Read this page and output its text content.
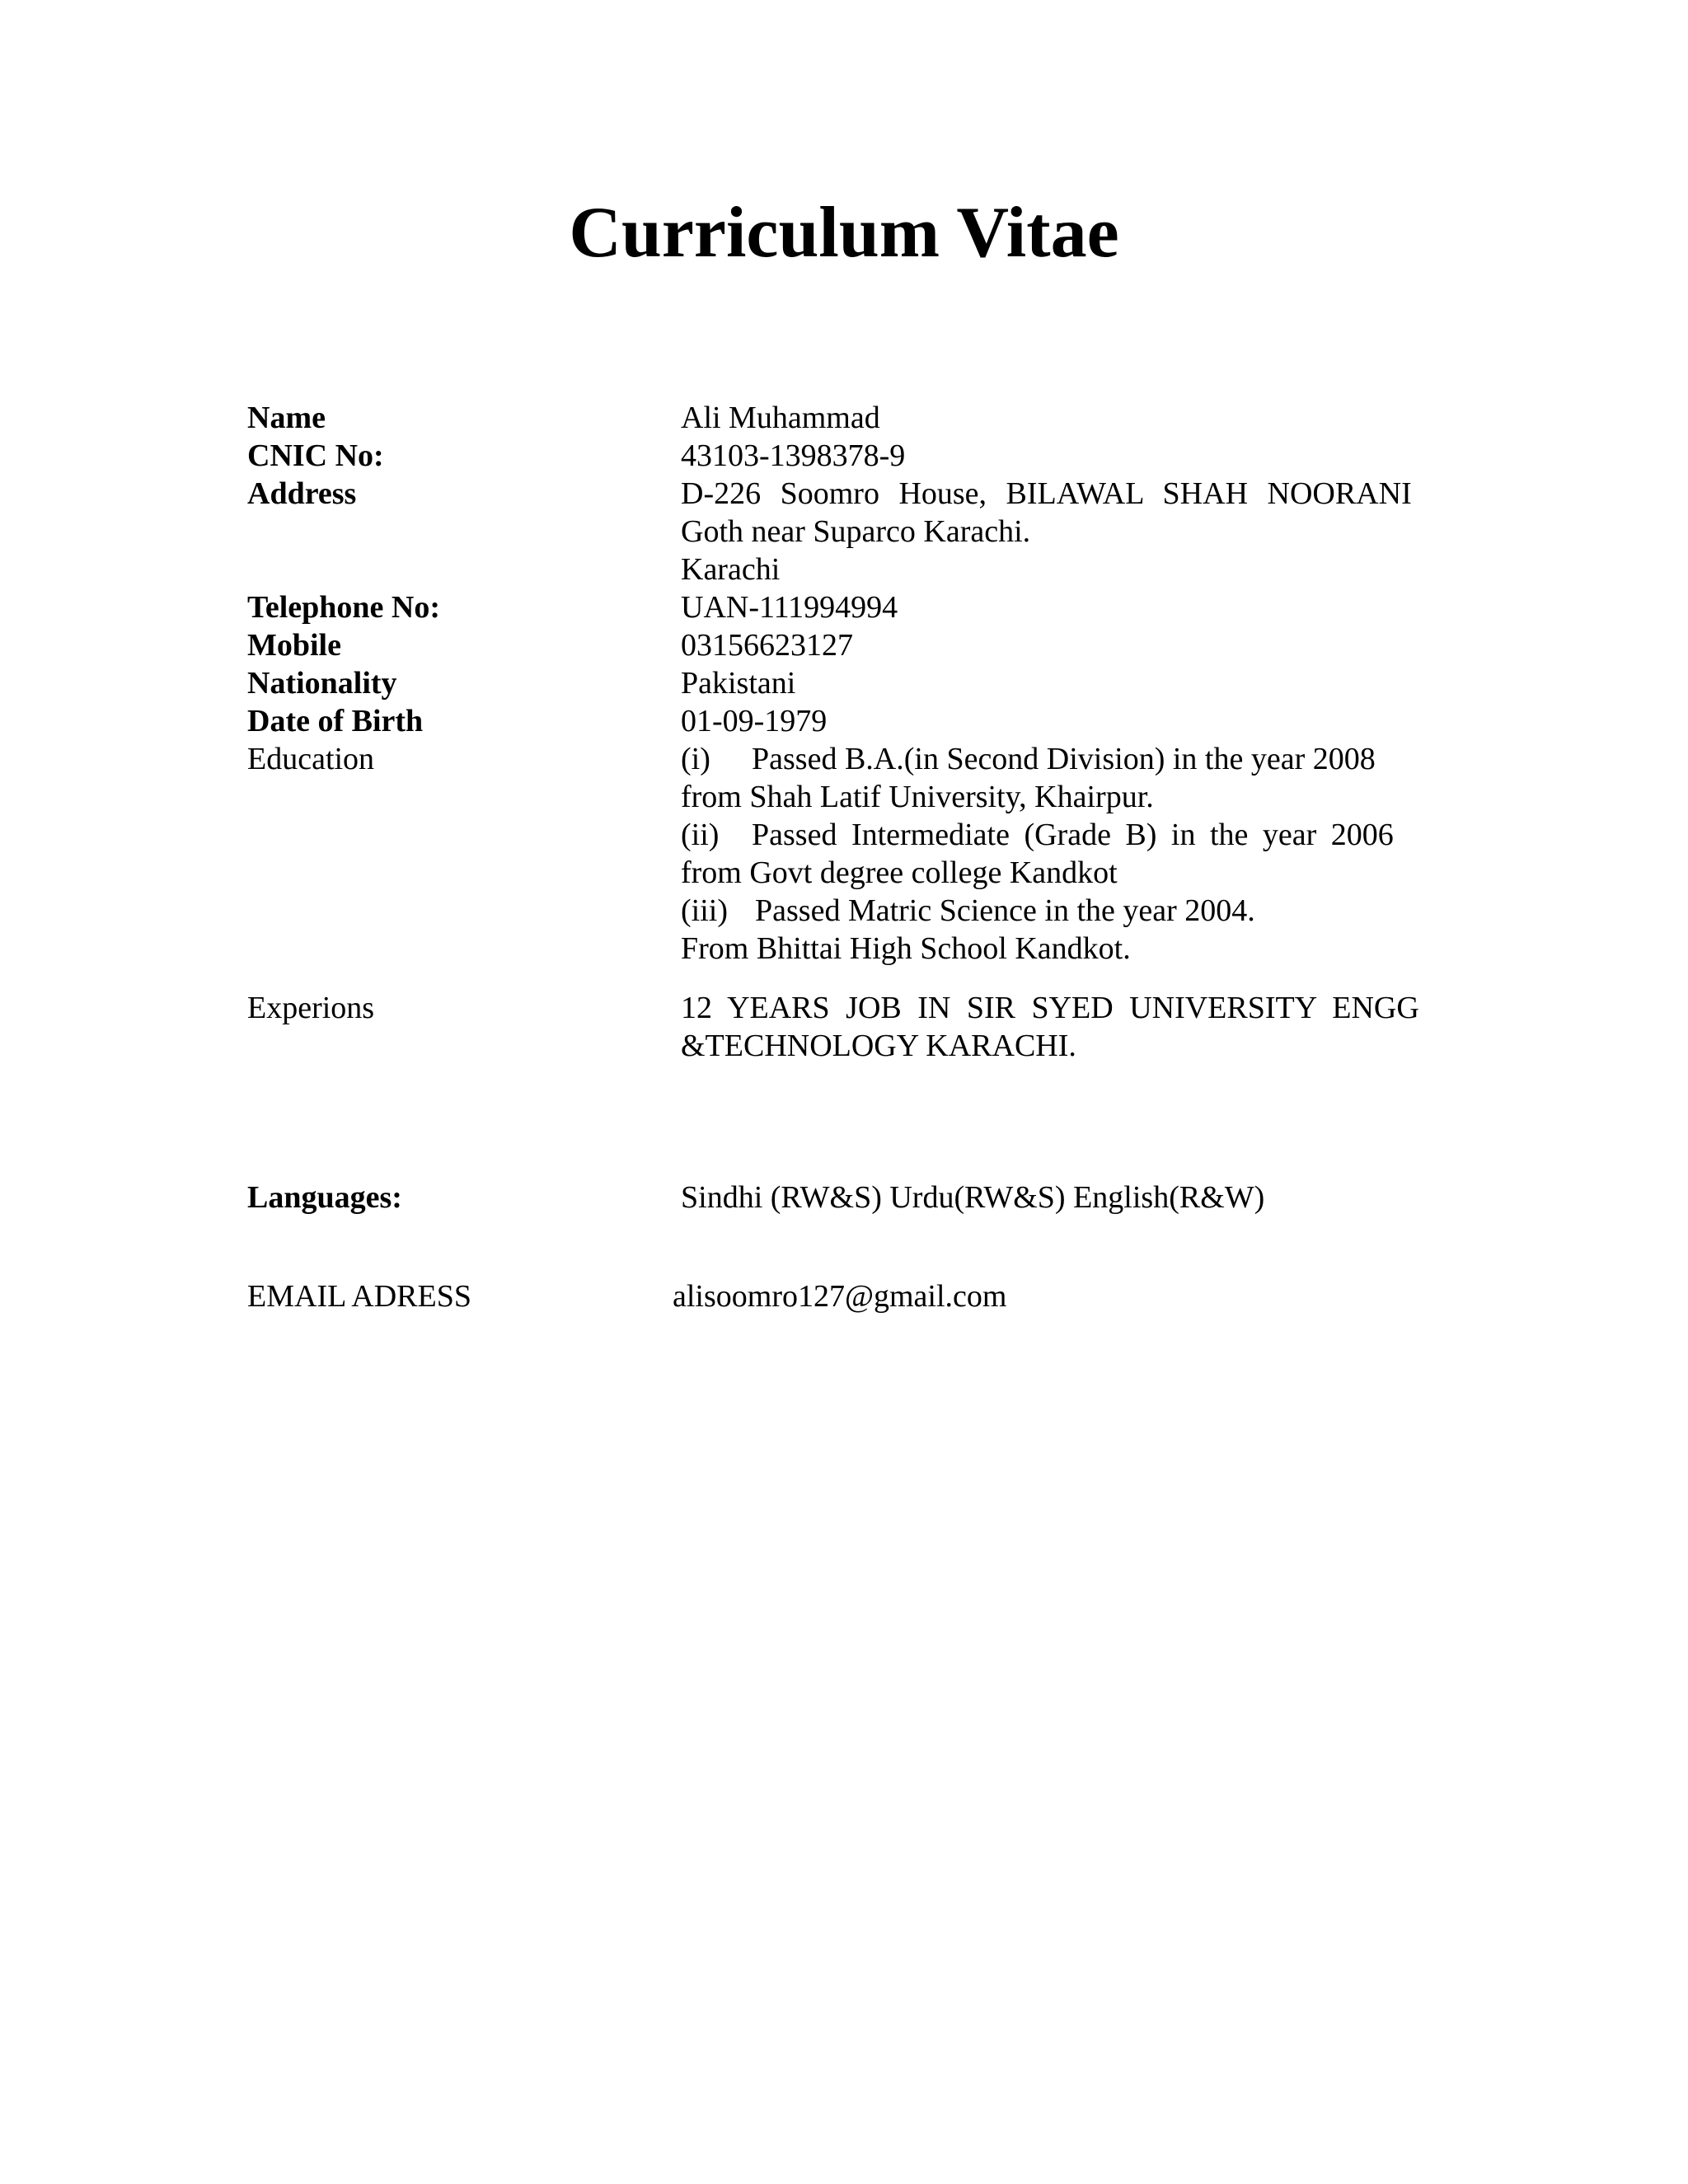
Curriculum Vitae
Name	Ali Muhammad
CNIC No:	43103-1398378-9
Address	D-226 Soomro House, BILAWAL SHAH NOORANI
Goth near Suparco Karachi.
Karachi
Telephone No:	UAN-111994994
Mobile	03156623127
Nationality	Pakistani
Date of Birth	01-09-1979
Education	(i) Passed B.A.(in Second Division) in the year 2008
from Shah Latif University, Khairpur.
(ii) Passed Intermediate (Grade B) in the year 2006
from Govt degree college Kandkot
(iii) Passed Matric Science in the year 2004.
From Bhittai High School Kandkot.
Experions	12 YEARS JOB IN SIR SYED UNIVERSITY ENGG
&TECHNOLOGY KARACHI.
Languages:	Sindhi (RW&S) Urdu(RW&S) English(R&W)
EMAIL ADRESS	alisoomro127@gmail.com
